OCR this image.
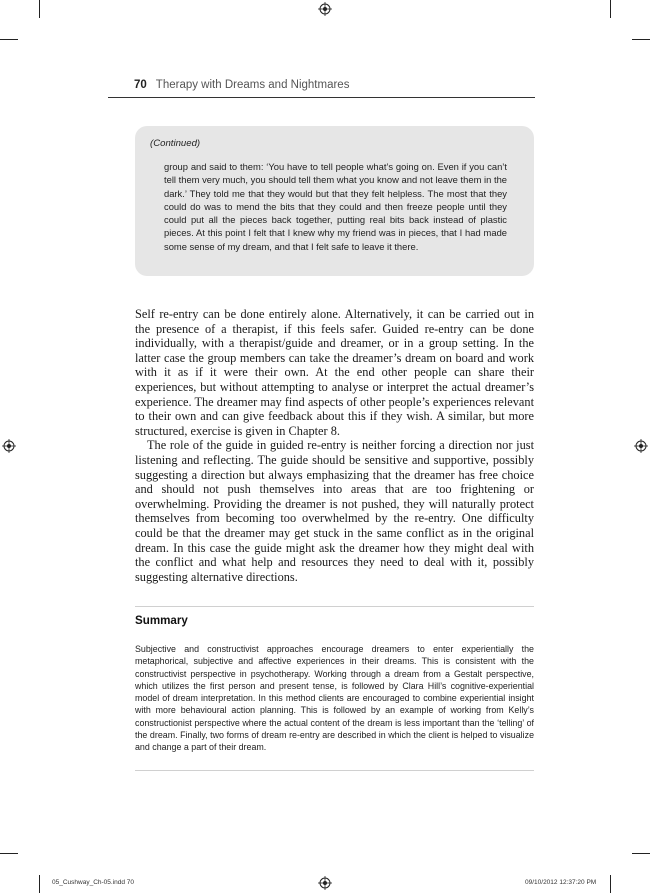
70 Therapy with Dreams and Nightmares
(Continued)
group and said to them: ‘You have to tell people what’s going on. Even if you can’t tell them very much, you should tell them what you know and not leave them in the dark.’ They told me that they would but that they felt helpless. The most that they could do was to mend the bits that they could and then freeze people until they could put all the pieces back together, putting real bits back instead of plastic pieces. At this point I felt that I knew why my friend was in pieces, that I had made some sense of my dream, and that I felt safe to leave it there.

Self re-entry can be done entirely alone. Alternatively, it can be carried out in the presence of a therapist, if this feels safer. Guided re-entry can be done individually, with a therapist/guide and dreamer, or in a group setting. In the latter case the group members can take the dreamer’s dream on board and work with it as if it were their own. At the end other people can share their experiences, but without attempting to analyse or interpret the actual dreamer’s experience. The dreamer may find aspects of other people’s experiences relevant to their own and can give feedback about this if they wish. A similar, but more structured, exercise is given in Chapter 8.

The role of the guide in guided re-entry is neither forcing a direction nor just listening and reflecting. The guide should be sensitive and supportive, possibly suggesting a direction but always emphasizing that the dreamer has free choice and should not push themselves into areas that are too frightening or overwhelming. Providing the dreamer is not pushed, they will naturally protect themselves from becoming too overwhelmed by the re-entry. One difficulty could be that the dreamer may get stuck in the same conflict as in the original dream. In this case the guide might ask the dreamer how they might deal with the conflict and what help and resources they need to deal with it, possibly suggesting alternative directions.

Summary
Subjective and constructivist approaches encourage dreamers to enter experientially the metaphorical, subjective and affective experiences in their dreams. This is consistent with the constructivist perspective in psychotherapy. Working through a dream from a Gestalt perspective, which utilizes the first person and present tense, is followed by Clara Hill’s cognitive-experiential model of dream interpretation. In this method clients are encouraged to combine experiential insight with more behavioural action planning. This is followed by an example of working from Kelly’s constructionist perspective where the actual content of the dream is less important than the ‘telling’ of the dream. Finally, two forms of dream re-entry are described in which the client is helped to visualize and change a part of their dream.
05_Cushway_Ch-05.indd 70	09/10/2012 12:37:20 PM
